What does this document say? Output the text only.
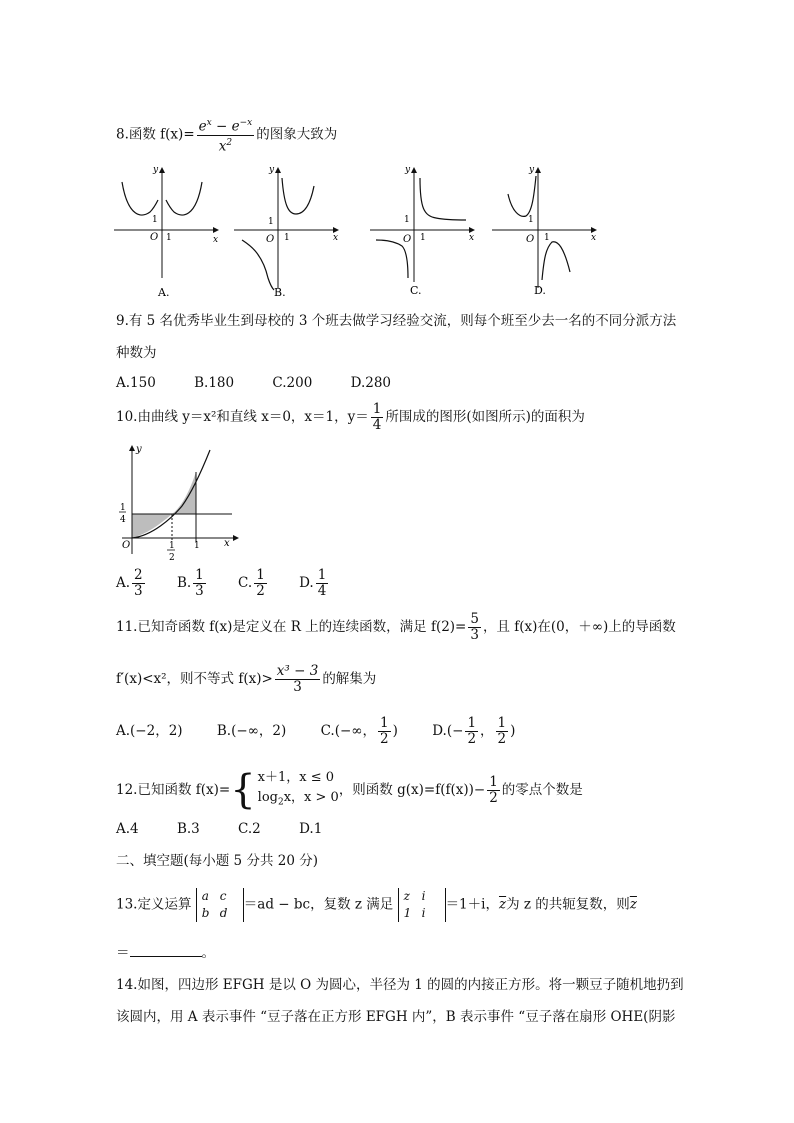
8.函数 $f(x)= \frac{e^x - e^{-x}}{x^2}$ 的图象大致为
1
O 1	x
y
A.
1
O 1	x
y
B.
1
O 1	x
y
C.
1
O 1	x
y
D.
9.有 5 名优秀毕业生到母校的 3 个班去做学习经验交流，则每个班至少去一名的不同分派方法
种数为
A.150	B.180	C.200	D.280
10.由曲线 y＝x²和直线 x＝0，x＝1，$y= \frac{1}{4}$ 所围成的图形(如图所示)的面积为
y
1
4
O	1
2
1 x
A. $\frac{2}{3} B$. $\frac{1}{3} C$. $\frac{1}{2} D$. $\frac{1}{4}$
11.已知奇函数 f(x)是定义在 R 上的连续函数，满足 $f(2)= \frac{5}{3}$ ，且 f(x)在(0，＋∞)上的导函数
f′(x)<x²，则不等式 $f(x)> \frac{\text{x³ − 3}}{3}$ 的解集为
A.(−2，2)	B.(−∞，2)	C.(−∞， $\frac{1}{2}$ )	$D.(- \frac{1}{2}$ ， $\frac{1}{2}$ )
12.已知函数 f(x)={ x＋1，x ≤ 0
$\log_2x$，x > 0 ，则函数 $g(x)=f(f(x))- \frac{1}{2}$ 的零点个数是
A.4	B.3	C.2	D.1
二、填空题(每小题 5 分共 20 分)
13.定义运算 a c
b d＝ad − bc，复数 z 满足 z i
1 i＝1＋i，$\overline{z}$为 z 的共轭复数，则$\overline{z}$
＝	。
14.如图，四边形 EFGH 是以 O 为圆心，半径为 1 的圆的内接正方形。将一颗豆子随机地扔到
该圆内，用 A 表示事件 “豆子落在正方形 EFGH 内”，B 表示事件 “豆子落在扇形 OHE(阴影
